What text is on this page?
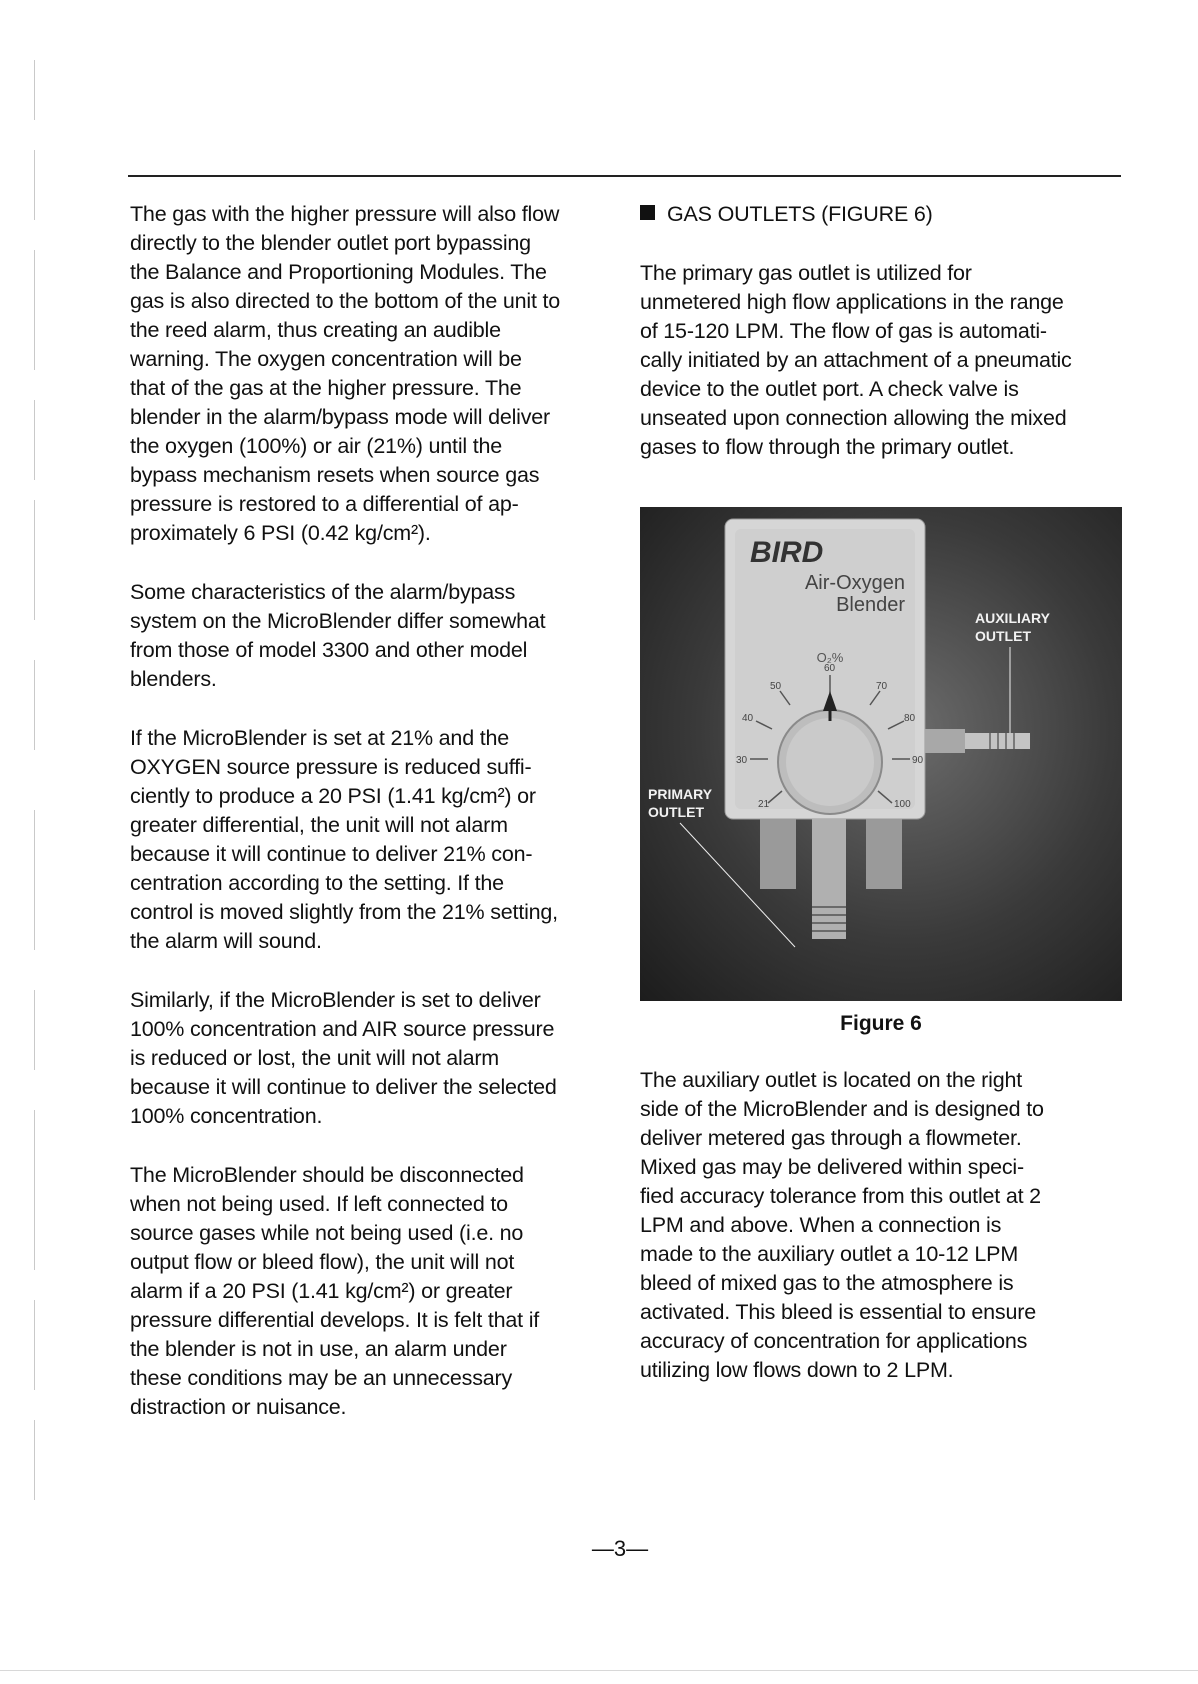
The gas with the higher pressure will also flow
directly to the blender outlet port bypassing
the Balance and Proportioning Modules. The
gas is also directed to the bottom of the unit to
the reed alarm, thus creating an audible
warning. The oxygen concentration will be
that of the gas at the higher pressure. The
blender in the alarm/bypass mode will deliver
the oxygen (100%) or air (21%) until the
bypass mechanism resets when source gas
pressure is restored to a differential of ap-
proximately 6 PSI (0.42 kg/cm²).

Some characteristics of the alarm/bypass
system on the MicroBlender differ somewhat
from those of model 3300 and other model
blenders.

If the MicroBlender is set at 21% and the
OXYGEN source pressure is reduced suffi-
ciently to produce a 20 PSI (1.41 kg/cm²) or
greater differential, the unit will not alarm
because it will continue to deliver 21% con-
centration according to the setting. If the
control is moved slightly from the 21% setting,
the alarm will sound.

Similarly, if the MicroBlender is set to deliver
100% concentration and AIR source pressure
is reduced or lost, the unit will not alarm
because it will continue to deliver the selected
100% concentration.

The MicroBlender should be disconnected
when not being used. If left connected to
source gases while not being used (i.e. no
output flow or bleed flow), the unit will not
alarm if a 20 PSI (1.41 kg/cm²) or greater
pressure differential develops. It is felt that if
the blender is not in use, an alarm under
these conditions may be an unnecessary
distraction or nuisance.

GAS OUTLETS (FIGURE 6)

The primary gas outlet is utilized for
unmetered high flow applications in the range
of 15-120 LPM. The flow of gas is automati-
cally initiated by an attachment of a pneumatic
device to the outlet port. A check valve is
unseated upon connection allowing the mixed
gases to flow through the primary outlet.

BIRD
Air-Oxygen
Blender
O₂%
21
30
40
50
60
70
80
90
100
AUXILIARY
OUTLET
PRIMARY
OUTLET
Figure 6

The auxiliary outlet is located on the right
side of the MicroBlender and is designed to
deliver metered gas through a flowmeter.
Mixed gas may be delivered within speci-
fied accuracy tolerance from this outlet at 2
LPM and above. When a connection is
made to the auxiliary outlet a 10-12 LPM
bleed of mixed gas to the atmosphere is
activated. This bleed is essential to ensure
accuracy of concentration for applications
utilizing low flows down to 2 LPM.

—3—
